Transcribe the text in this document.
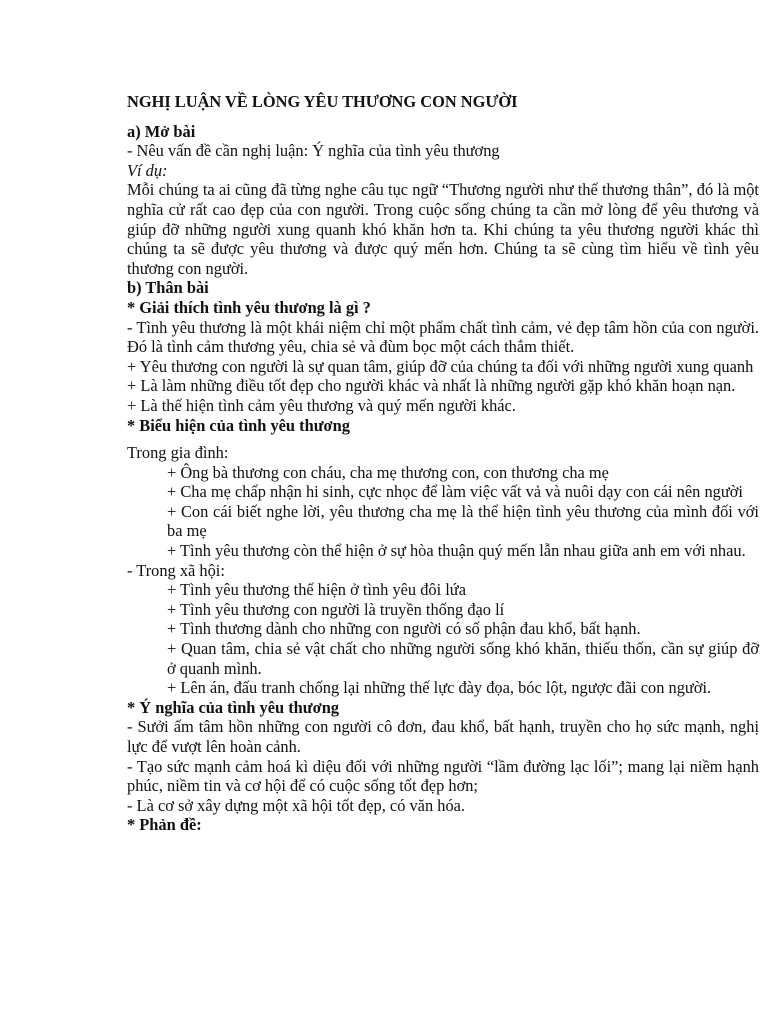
NGHỊ LUẬN VỀ LÒNG YÊU THƯƠNG CON NGƯỜI
a) Mở bài
- Nêu vấn đề cần nghị luận: Ý nghĩa của tình yêu thương
Ví dụ:
Mỗi chúng ta ai cũng đã từng nghe câu tục ngữ “Thương người như thể thương thân”, đó là một nghĩa cử rất cao đẹp của con người. Trong cuộc sống chúng ta cần mở lòng để yêu thương và giúp đỡ những người xung quanh khó khăn hơn ta. Khi chúng ta yêu thương người khác thì chúng ta sẽ được yêu thương và được quý mến hơn. Chúng ta sẽ cùng tìm hiểu về tình yêu thương con người.
b) Thân bài
* Giải thích tình yêu thương là gì ?
- Tình yêu thương là một khái niệm chỉ một phẩm chất tình cảm, vẻ đẹp tâm hồn của con người. Đó là tình cảm thương yêu, chia sẻ và đùm bọc một cách thắm thiết.
+ Yêu thương con người là sự quan tâm, giúp đỡ của chúng ta đối với những người xung quanh
+ Là làm những điều tốt đẹp cho người khác và nhất là những người gặp khó khăn hoạn nạn.
+ Là thể hiện tình cảm yêu thương và quý mến người khác.
* Biểu hiện của tình yêu thương
Trong gia đình:
+ Ông bà thương con cháu, cha mẹ thương con, con thương cha mẹ
+ Cha mẹ chấp nhận hi sinh, cực nhọc để làm việc vất vả và nuôi dạy con cái nên người
+ Con cái biết nghe lời, yêu thương cha mẹ là thể hiện tình yêu thương của mình đối với ba mẹ
+ Tình yêu thương còn thể hiện ở sự hòa thuận quý mến lẫn nhau giữa anh em với nhau.
- Trong xã hội:
+ Tình yêu thương thể hiện ở tình yêu đôi lứa
+ Tình yêu thương con người là truyền thống đạo lí
+ Tình thương dành cho những con người có số phận đau khổ, bất hạnh.
+ Quan tâm, chia sẻ vật chất cho những người sống khó khăn, thiếu thốn, cần sự giúp đỡ ở quanh mình.
+ Lên án, đấu tranh chống lại những thế lực đày đọa, bóc lột, ngược đãi con người.
* Ý nghĩa của tình yêu thương
- Sưởi ấm tâm hồn những con người cô đơn, đau khổ, bất hạnh, truyền cho họ sức mạnh, nghị lực để vượt lên hoàn cảnh.
- Tạo sức mạnh cảm hoá kì diệu đối với những người “lầm đường lạc lối”; mang lại niềm hạnh phúc, niềm tin và cơ hội để có cuộc sống tốt đẹp hơn;
- Là cơ sở xây dựng một xã hội tốt đẹp, có văn hóa.
* Phản đề:
